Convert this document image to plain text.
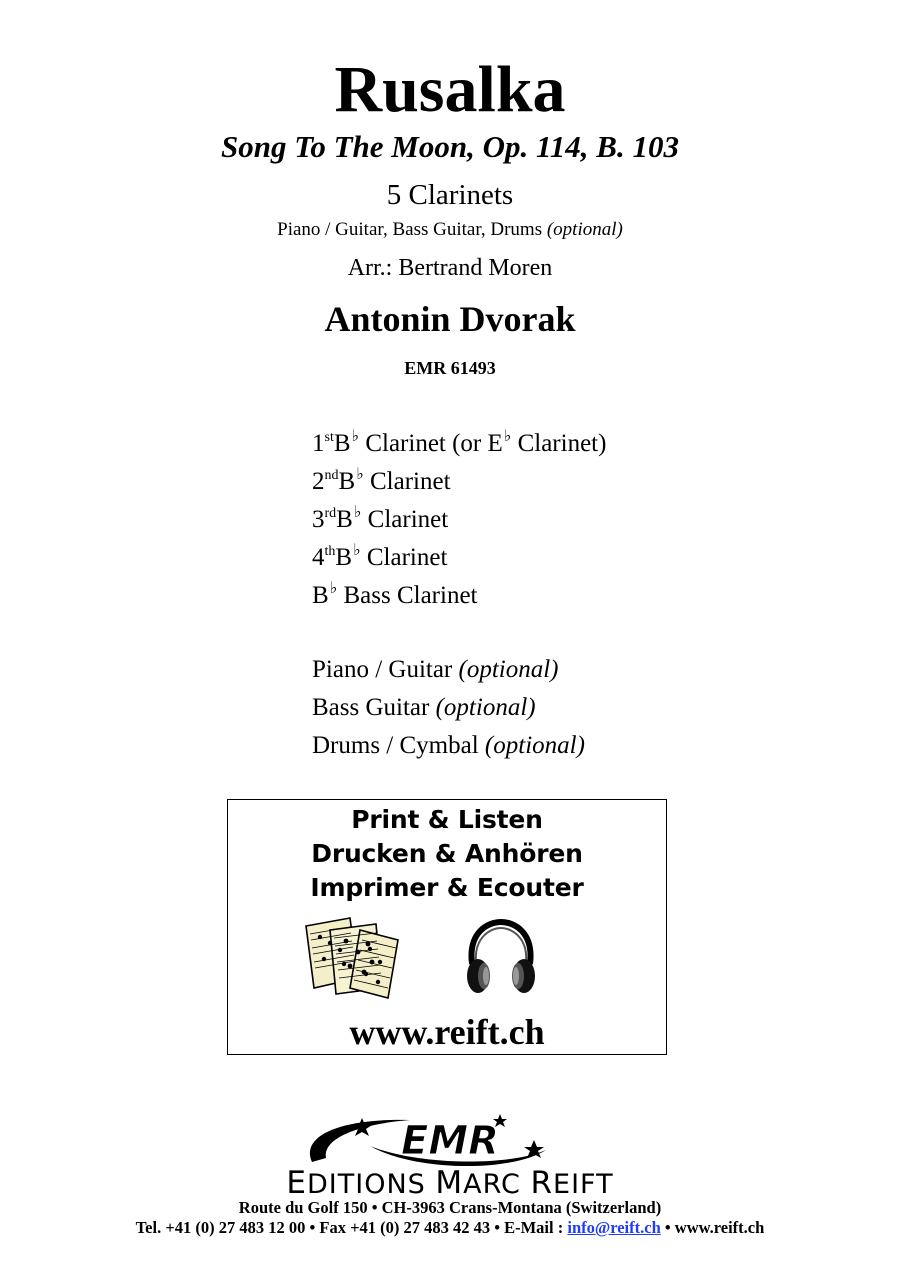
Rusalka
Song To The Moon, Op. 114, B. 103
5 Clarinets
Piano / Guitar, Bass Guitar, Drums (optional)
Arr.: Bertrand Moren
Antonin Dvorak
EMR 61493
1stB♭ Clarinet (or E♭ Clarinet)
2ndB♭ Clarinet
3rdB♭ Clarinet
4thB♭ Clarinet
B♭ Bass Clarinet
Piano / Guitar (optional)
Bass Guitar (optional)
Drums / Cymbal (optional)
Print & Listen
Drucken & Anhören
Imprimer & Ecouter
www.reift.ch
EMR
EDITIONS MARC REIFT
Route du Golf 150 • CH-3963 Crans-Montana (Switzerland)
Tel. +41 (0) 27 483 12 00 • Fax +41 (0) 27 483 42 43 • E-Mail : info@reift.ch • www.reift.ch
